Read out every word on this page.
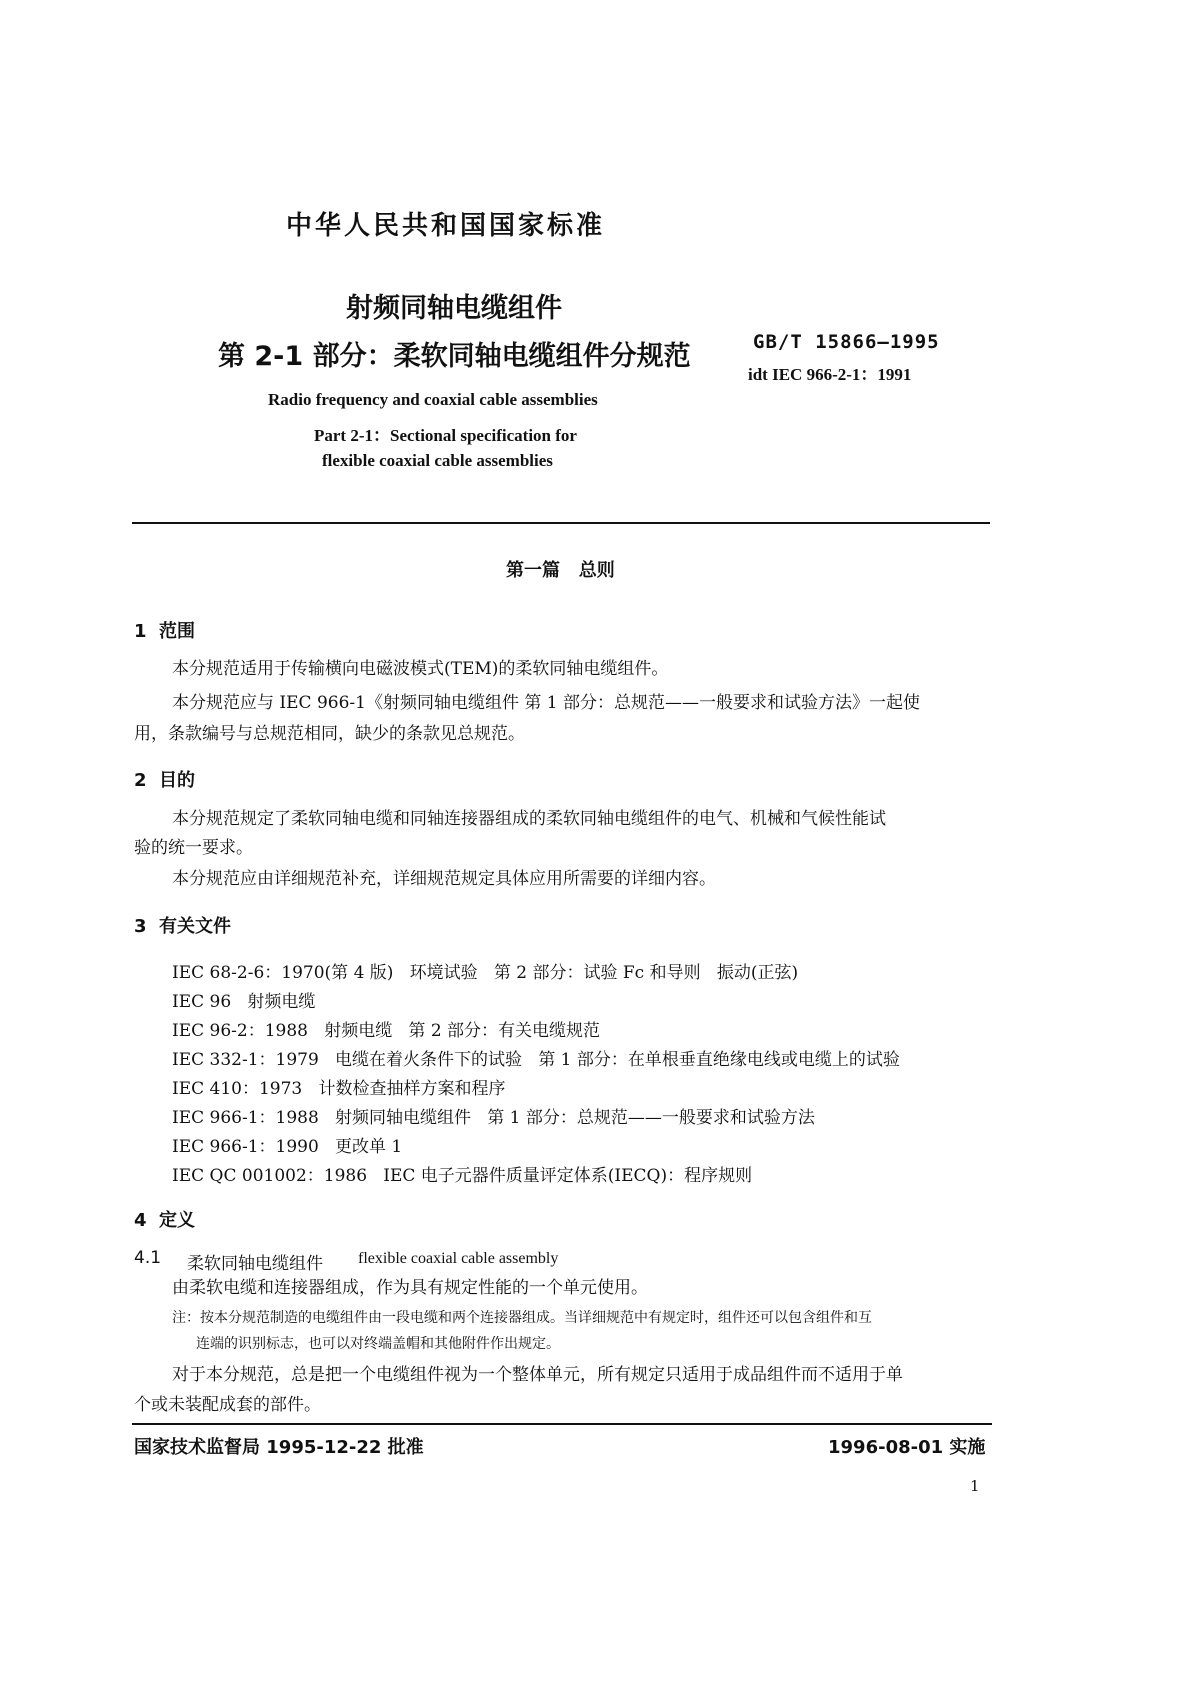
中华人民共和国国家标准
射频同轴电缆组件
第 2-1 部分：柔软同轴电缆组件分规范	GB/T 15866—1995
idt IEC 966-2-1：1991
Radio frequency and coaxial cable assemblies
Part 2-1：Sectional specification for
flexible coaxial cable assemblies
第一篇   总则
1  范围
本分规范适用于传输横向电磁波模式(TEM)的柔软同轴电缆组件。
本分规范应与 IEC 966-1《射频同轴电缆组件 第 1 部分：总规范——一般要求和试验方法》一起使
用，条款编号与总规范相同，缺少的条款见总规范。
2  目的
本分规范规定了柔软同轴电缆和同轴连接器组成的柔软同轴电缆组件的电气、机械和气候性能试
验的统一要求。
本分规范应由详细规范补充，详细规范规定具体应用所需要的详细内容。
3  有关文件
IEC 68-2-6：1970(第 4 版)   环境试验   第 2 部分：试验 Fc 和导则   振动(正弦)
IEC 96   射频电缆
IEC 96-2：1988   射频电缆   第 2 部分：有关电缆规范
IEC 332-1：1979   电缆在着火条件下的试验   第 1 部分：在单根垂直绝缘电线或电缆上的试验
IEC 410：1973   计数检查抽样方案和程序
IEC 966-1：1988   射频同轴电缆组件   第 1 部分：总规范——一般要求和试验方法
IEC 966-1：1990   更改单 1
IEC QC 001002：1986   IEC 电子元器件质量评定体系(IECQ)：程序规则
4  定义
4.1 柔软同轴电缆组件 flexible coaxial cable assembly
由柔软电缆和连接器组成，作为具有规定性能的一个单元使用。
注：按本分规范制造的电缆组件由一段电缆和两个连接器组成。当详细规范中有规定时，组件还可以包含组件和互
连端的识别标志，也可以对终端盖帽和其他附件作出规定。
对于本分规范，总是把一个电缆组件视为一个整体单元，所有规定只适用于成品组件而不适用于单
个或未装配成套的部件。
国家技术监督局 1995-12-22 批准	1996-08-01 实施
1
